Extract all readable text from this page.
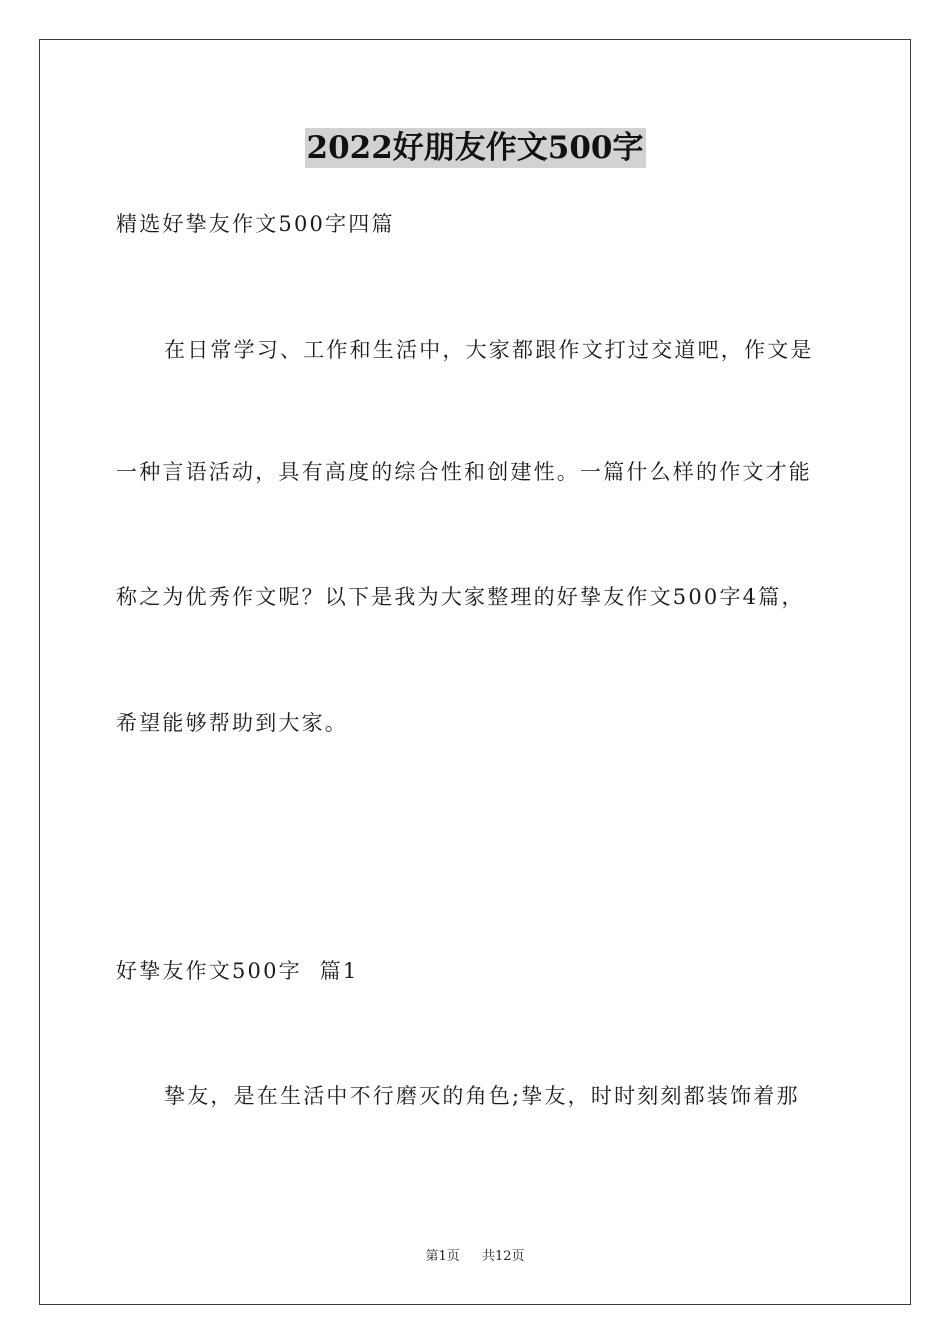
2022好朋友作文500字
精选好挚友作文500字四篇
在日常学习、工作和生活中，大家都跟作文打过交道吧，作文是
一种言语活动，具有高度的综合性和创建性。一篇什么样的作文才能
称之为优秀作文呢？以下是我为大家整理的好挚友作文500字4篇，
希望能够帮助到大家。
好挚友作文500字  篇1
挚友，是在生活中不行磨灭的角色;挚友，时时刻刻都装饰着那
第1页 共12页
